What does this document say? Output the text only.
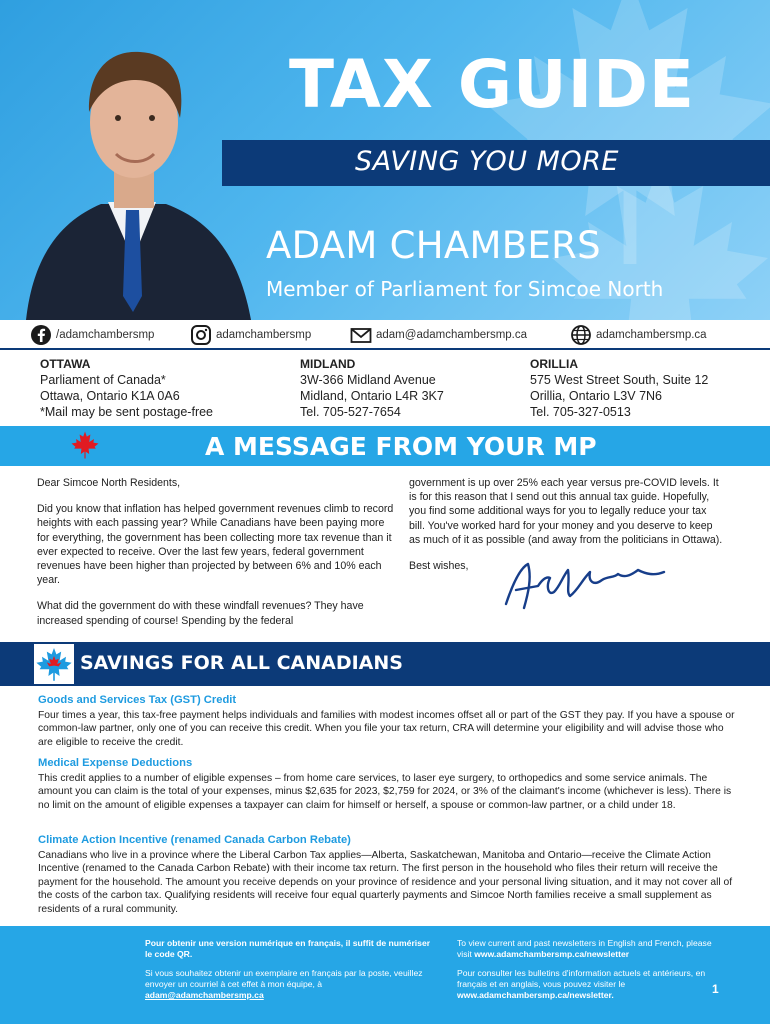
TAX GUIDE
SAVING YOU MORE
ADAM CHAMBERS
Member of Parliament for Simcoe North
/adamchambersmp	adamchambersmp	adam@adamchambersmp.ca	adamchambersmp.ca
OTTAWA
Parliament of Canada*
Ottawa, Ontario K1A 0A6
*Mail may be sent postage-free
MIDLAND
3W-366 Midland Avenue
Midland, Ontario L4R 3K7
Tel. 705-527-7654
ORILLIA
575 West Street South, Suite 12
Orillia, Ontario L3V 7N6
Tel. 705-327-0513
A MESSAGE FROM YOUR MP

Dear Simcoe North Residents,

Did you know that inflation has helped government revenues climb to record heights with each passing year? While Canadians have been paying more for everything, the government has been collecting more tax revenue than it ever expected to receive. Over the last few years, federal government revenues have been higher than projected by between 6% and 10% each year.

What did the government do with these windfall revenues? They have increased spending of course! Spending by the federal

government is up over 25% each year versus pre-COVID levels. It is for this reason that I send out this annual tax guide. Hopefully, you find some additional ways for you to legally reduce your tax bill. You've worked hard for your money and you deserve to keep as much of it as possible (and away from the politicians in Ottawa).

Best wishes,

SAVINGS FOR ALL CANADIANS
Goods and Services Tax (GST) Credit
Four times a year, this tax-free payment helps individuals and families with modest incomes offset all or part of the GST they pay. If you have a spouse or common-law partner, only one of you can receive this credit. When you file your tax return, CRA will determine your eligibility and will advise those who are eligible to receive the credit.
Medical Expense Deductions
This credit applies to a number of eligible expenses – from home care services, to laser eye surgery, to orthopedics and some service animals. The amount you can claim is the total of your expenses, minus $2,635 for 2023, $2,759 for 2024, or 3% of the claimant's income (whichever is less). There is no limit on the amount of eligible expenses a taxpayer can claim for himself or herself, a spouse or common-law partner, or a child under 18.
Climate Action Incentive (renamed Canada Carbon Rebate)
Canadians who live in a province where the Liberal Carbon Tax applies—Alberta, Saskatchewan, Manitoba and Ontario—receive the Climate Action Incentive (renamed to the Canada Carbon Rebate) with their income tax return. The first person in the household who files their return will receive the payment for the household. The amount you receive depends on your province of residence and your personal living situation, and it may not cover all of the costs of the carbon tax. Qualifying residents will receive four equal quarterly payments and Simcoe North families receive a small supplement as residents of a rural community.

Pour obtenir une version numérique en français, il suffit de numériser le code QR.

Si vous souhaitez obtenir un exemplaire en français par la poste, veuillez envoyer un courriel à cet effet à mon équipe, à
adam@adamchambersmp.ca

To view current and past newsletters in English and French, please visit www.adamchambersmp.ca/newsletter

Pour consulter les bulletins d'information actuels et antérieurs, en français et en anglais, vous pouvez visiter le www.adamchambersmp.ca/newsletter.	1
